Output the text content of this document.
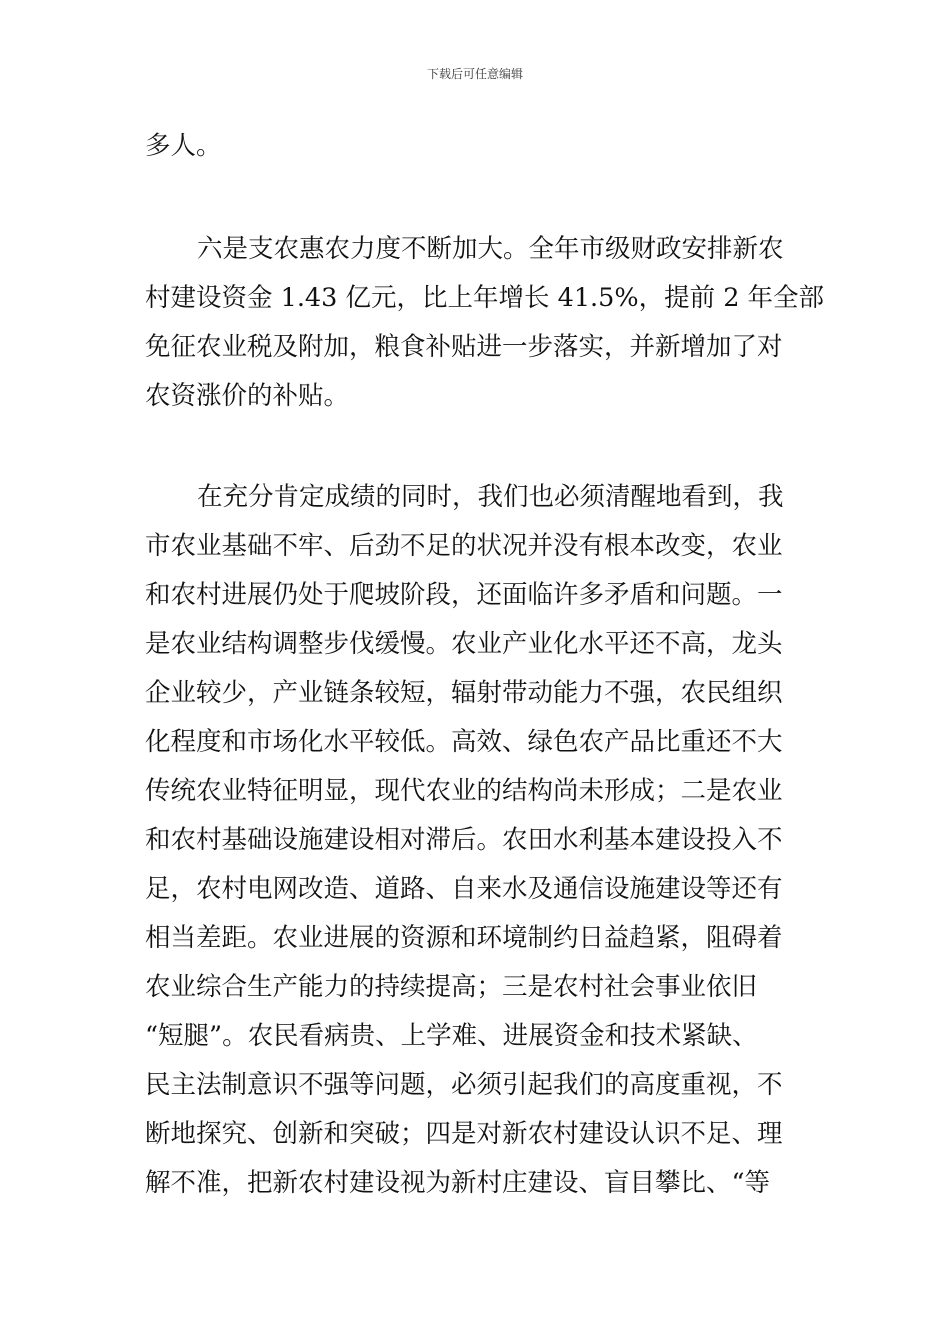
下载后可任意编辑
多人。
六是支农惠农力度不断加大。全年市级财政安排新农
村建设资金 1.43 亿元，比上年增长 41.5%，提前 2 年全部
免征农业税及附加，粮食补贴进一步落实，并新增加了对
农资涨价的补贴。
在充分肯定成绩的同时，我们也必须清醒地看到，我
市农业基础不牢、后劲不足的状况并没有根本改变，农业
和农村进展仍处于爬坡阶段，还面临许多矛盾和问题。一
是农业结构调整步伐缓慢。农业产业化水平还不高，龙头
企业较少，产业链条较短，辐射带动能力不强，农民组织
化程度和市场化水平较低。高效、绿色农产品比重还不大
传统农业特征明显，现代农业的结构尚未形成；二是农业
和农村基础设施建设相对滞后。农田水利基本建设投入不
足，农村电网改造、道路、自来水及通信设施建设等还有
相当差距。农业进展的资源和环境制约日益趋紧，阻碍着
农业综合生产能力的持续提高；三是农村社会事业依旧
“短腿”。农民看病贵、上学难、进展资金和技术紧缺、
民主法制意识不强等问题，必须引起我们的高度重视，不
断地探究、创新和突破；四是对新农村建设认识不足、理
解不准，把新农村建设视为新村庄建设、盲目攀比、“等
